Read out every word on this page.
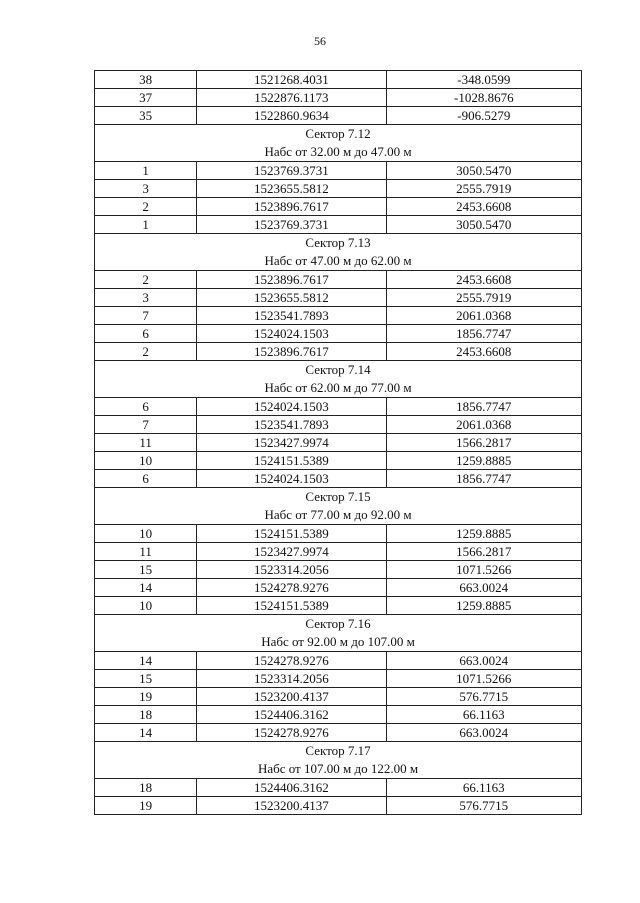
56
38	1521268.4031	-348.0599
37	1522876.1173	-1028.8676
35	1522860.9634	-906.5279

Сектор 7.12
Набс от 32.00 м до 47.00 м		

1	1523769.3731	3050.5470
3	1523655.5812	2555.7919
2	1523896.7617	2453.6608
1	1523769.3731	3050.5470

Сектор 7.13
Набс от 47.00 м до 62.00 м		

2	1523896.7617	2453.6608
3	1523655.5812	2555.7919
7	1523541.7893	2061.0368
6	1524024.1503	1856.7747
2	1523896.7617	2453.6608

Сектор 7.14
Набс от 62.00 м до 77.00 м		

6	1524024.1503	1856.7747
7	1523541.7893	2061.0368
11	1523427.9974	1566.2817
10	1524151.5389	1259.8885
6	1524024.1503	1856.7747

Сектор 7.15
Набс от 77.00 м до 92.00 м		

10	1524151.5389	1259.8885
11	1523427.9974	1566.2817
15	1523314.2056	1071.5266
14	1524278.9276	663.0024
10	1524151.5389	1259.8885

Сектор 7.16
Набс от 92.00 м до 107.00 м		

14	1524278.9276	663.0024
15	1523314.2056	1071.5266
19	1523200.4137	576.7715
18	1524406.3162	66.1163
14	1524278.9276	663.0024

Сектор 7.17
Набс от 107.00 м до 122.00 м		

18	1524406.3162	66.1163
19	1523200.4137	576.7715
